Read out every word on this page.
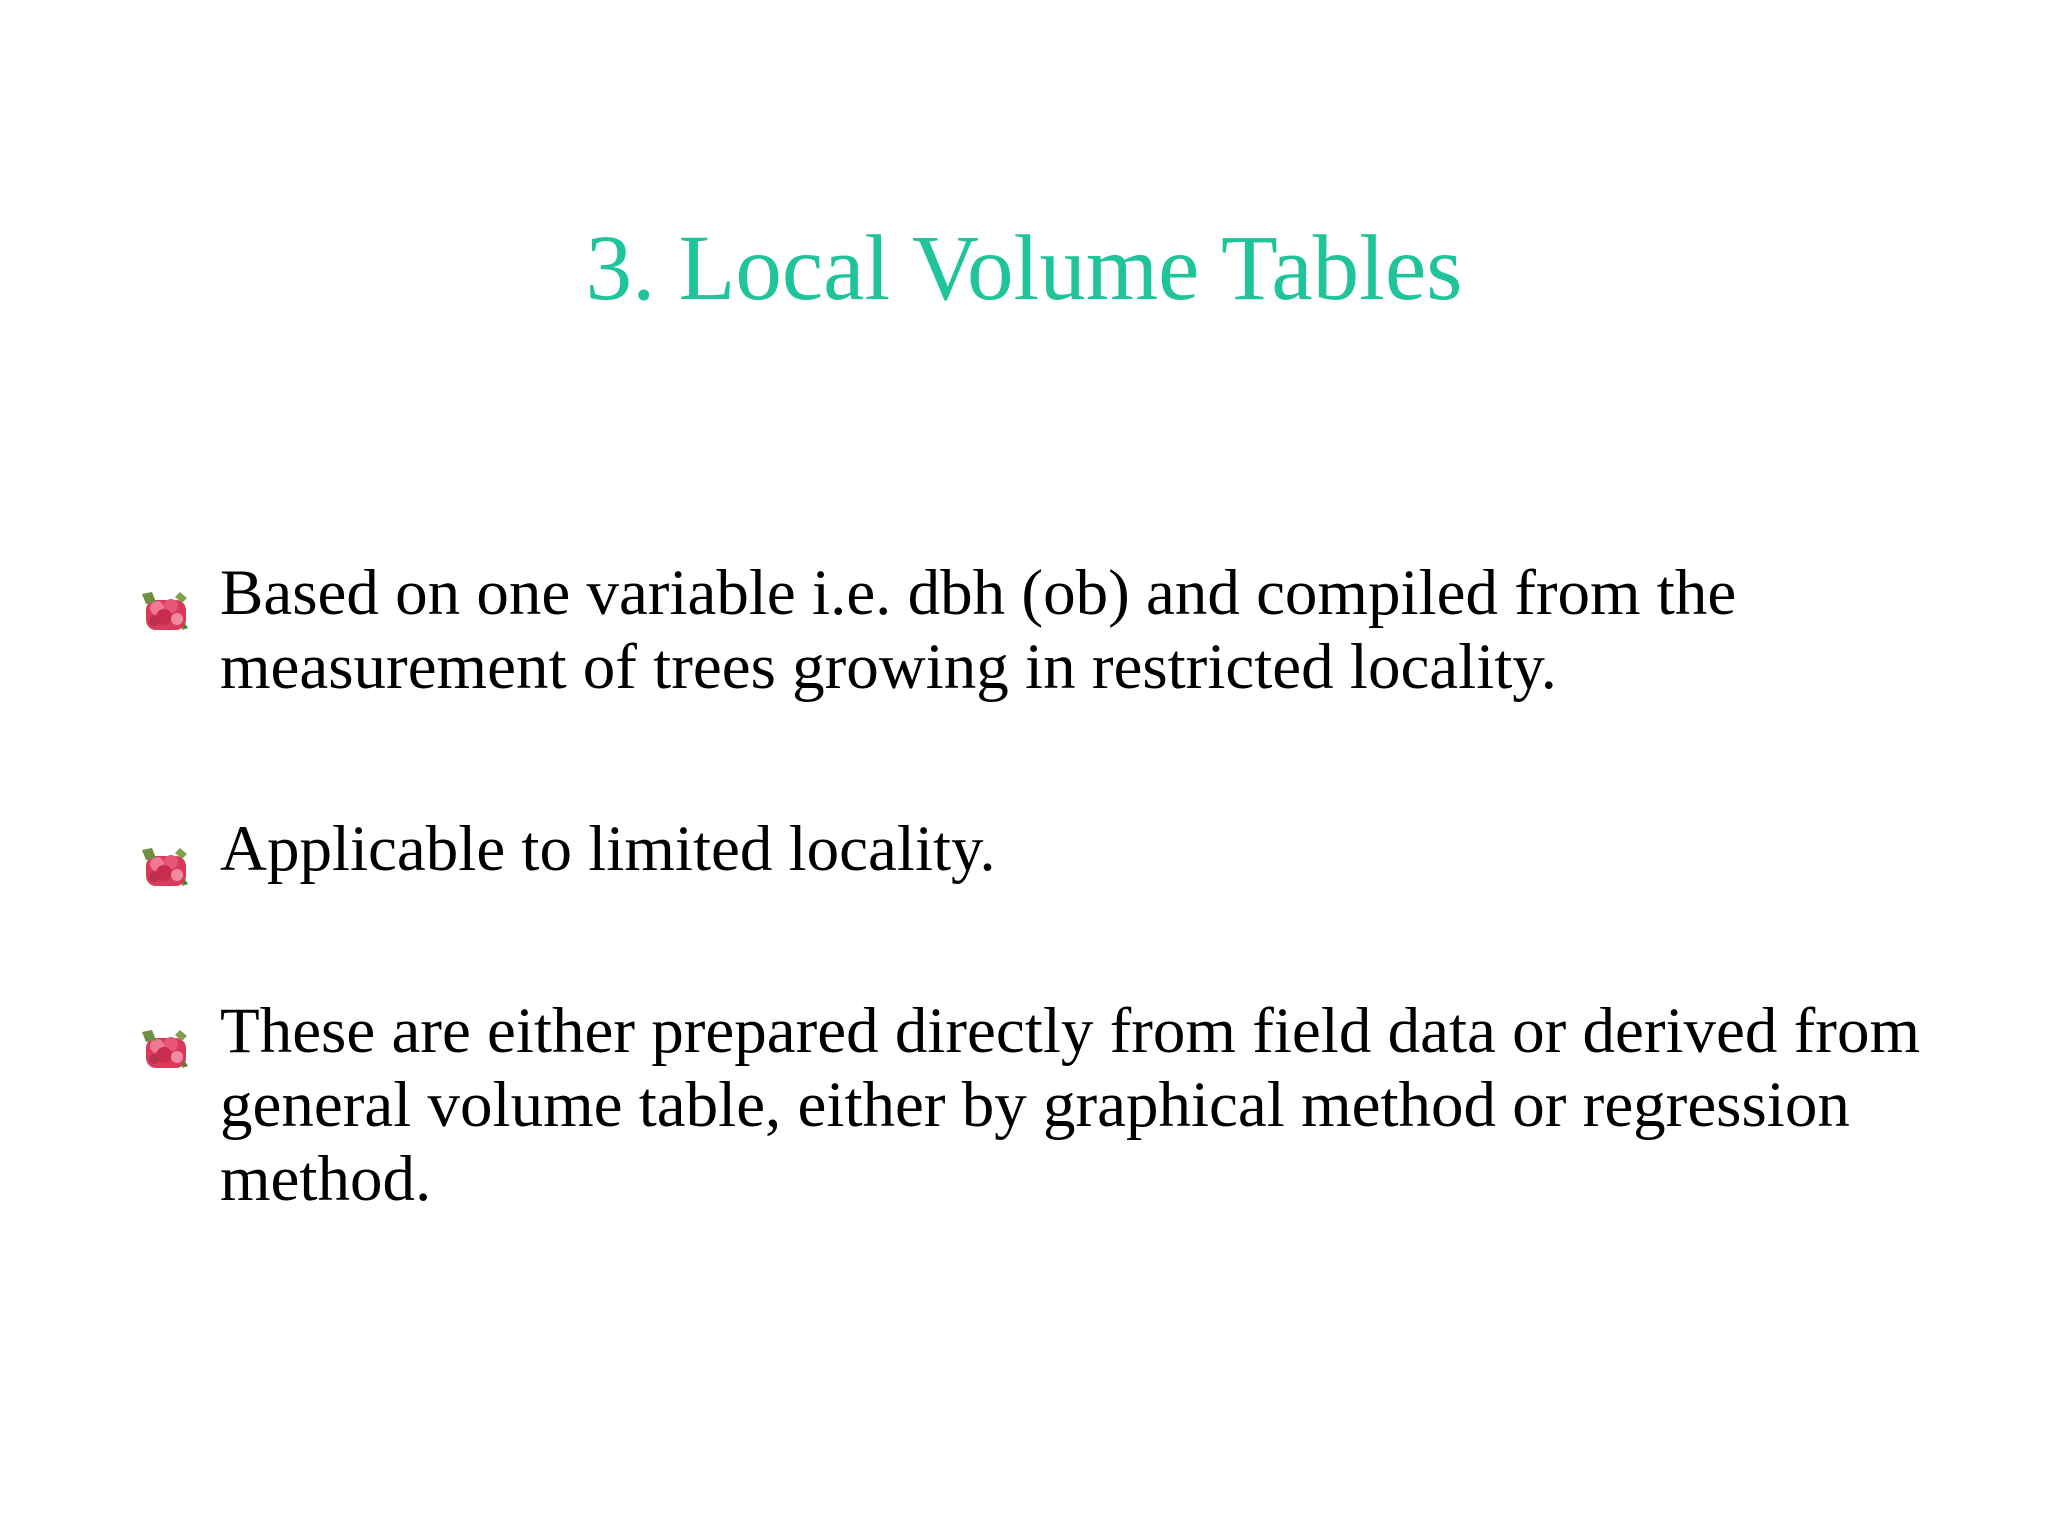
3. Local Volume Tables
Based on one variable i.e. dbh (ob) and compiled from the measurement of trees growing in restricted locality.
Applicable to limited locality.
These are either prepared directly from field data or derived from general volume table, either by graphical method or regression method.
